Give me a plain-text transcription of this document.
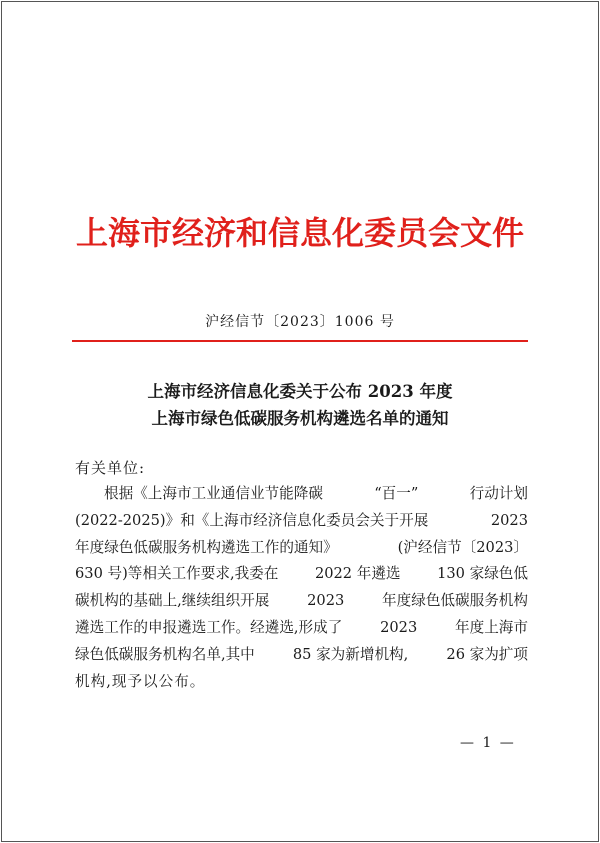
上海市经济和信息化委员会文件
沪经信节〔2023〕1006 号
上海市经济信息化委关于公布 2023 年度
上海市绿色低碳服务机构遴选名单的通知
有关单位:
根据《上海市工业通信业节能降碳	“百一”	行动计划
(2022-2025)》和《上海市经济信息化委员会关于开展	2023
年度绿色低碳服务机构遴选工作的通知》	(沪经信节〔2023〕
630 号)等相关工作要求,我委在	2022 年遴选	130 家绿色低
碳机构的基础上,继续组织开展	2023	年度绿色低碳服务机构
遴选工作的申报遴选工作。经遴选,形成了	2023	年度上海市
绿色低碳服务机构名单,其中	85 家为新增机构,	26 家为扩项
机构,现予以公布。
— 1 —
